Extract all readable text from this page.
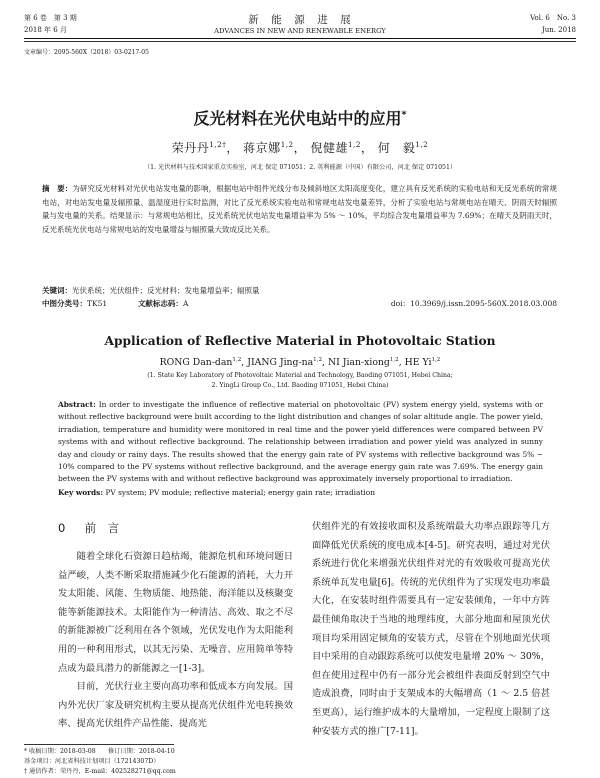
第 6 卷　第 3 期
2018 年 6 月
新　能　源　进　展
ADVANCES IN NEW AND RENEWABLE ENERGY
Vol. 6　No. 3
Jun. 2018
文章编号：2095-560X（2018）03-0217-05
反光材料在光伏电站中的应用*
荣丹丹$^{1,2\dagger}$， 蒋京娜$^{1,2}$， 倪健雄$^{1,2}$， 何　毅$^{1,2}$
（1. 光伏材料与技术国家重点实验室，河北 保定 071051；2. 英利能源（中国）有限公司，河北 保定 071051）
摘　要：为研究反光材料对光伏电站发电量的影响，根据电站中组件光线分布及倾斜地区太阳高度变化，建立具有反光系统的实验电站和无反光系统的常规电站，对电站发电量及辐照量、温湿度进行实时监测，对比了反光系统实验电站和常规电站发电量差异，分析了实验电站与常规电站在晴天、阴雨天时辐照量与发电量的关系。结果显示：与常规电站相比，反光系统光伏电站发电量增益率为 5% ～ 10%，平均综合发电量增益率为 7.69%；在晴天及阴雨天时，反光系统光伏电站与常规电站的发电量增益与辐照量大致成反比关系。
关键词：光伏系统；光伏组件；反光材料；发电量增益率；辐照量
中图分类号：TK51	文献标志码：A	doi：10.3969/j.issn.2095-560X.2018.03.008
Application of Reflective Material in Photovoltaic Station
RONG Dan-dan$^{1,2}$, JIANG Jing-na$^{1,2}$, NI Jian-xiong$^{1,2}$, HE Yi$^{1,2}$
(1. State Key Laboratory of Photovoltaic Material and Technology, Baoding 071051, Hebei China;
2. YingLi Group Co., Ltd. Baoding 071051, Hebei China)
Abstract: In order to investigate the influence of reflective material on photovoltaic (PV) system energy yield, systems with or without reflective background were built according to the light distribution and changes of solar altitude angle. The power yield, irradiation, temperature and humidity were monitored in real time and the power yield differences were compared between PV systems with and without reflective background. The relationship between irradiation and power yield was analyzed in sunny day and cloudy or rainy days. The results showed that the energy gain rate of PV systems with reflective background was 5% ~ 10% compared to the PV systems without reflective background, and the average energy gain rate was 7.69%. The energy gain between the PV systems with and without reflective background was approximately inversely proportional to irradiation.
Key words: PV system; PV module; reflective material; energy gain rate; irradiation
0 前　言

随着全球化石资源日趋枯竭，能源危机和环境问题日益严峻，人类不断采取措施减少化石能源的消耗，大力开发太阳能、风能、生物质能、地热能、海洋能以及核聚变能等新能源技术。太阳能作为一种清洁、高效、取之不尽的新能源被广泛利用在各个领域，光伏发电作为太阳能利用的一种利用形式，以其无污染、无噪音、应用简单等特点成为最具潜力的新能源之一[1-3]。

目前，光伏行业主要向高功率和低成本方向发展。国内外光伏厂家及研究机构主要从提高光伏组件光电转换效率、提高光伏组件产品性能、提高光

伏组件光的有效接收面积及系统端最大功率点跟踪等几方面降低光伏系统的度电成本[4-5]。研究表明，通过对光伏系统进行优化来增强光伏组件对光的有效吸收可提高光伏系统单瓦发电量[6]。传统的光伏组件为了实现发电功率最大化，在安装时组件需要具有一定安装倾角，一年中方阵最佳倾角取决于当地的地理纬度，大部分地面和屋顶光伏项目均采用固定倾角的安装方式，尽管在个别地面光伏项目中采用的自动跟踪系统可以使发电量增 20% ～ 30%，但在使用过程中仍有一部分光会被组件表面反射到空气中造成浪费，同时由于支架成本的大幅增高（1 ～ 2.5 倍甚至更高），运行维护成本的大量增加，一定程度上限制了这种安装方式的推广[7-11]。

* 收稿日期：2018-03-08　　修订日期：2018-04-10
基金项目：河北省科技计划项目（17214307D）
† 通信作者：荣丹丹，E-mail：402528271@qq.com
